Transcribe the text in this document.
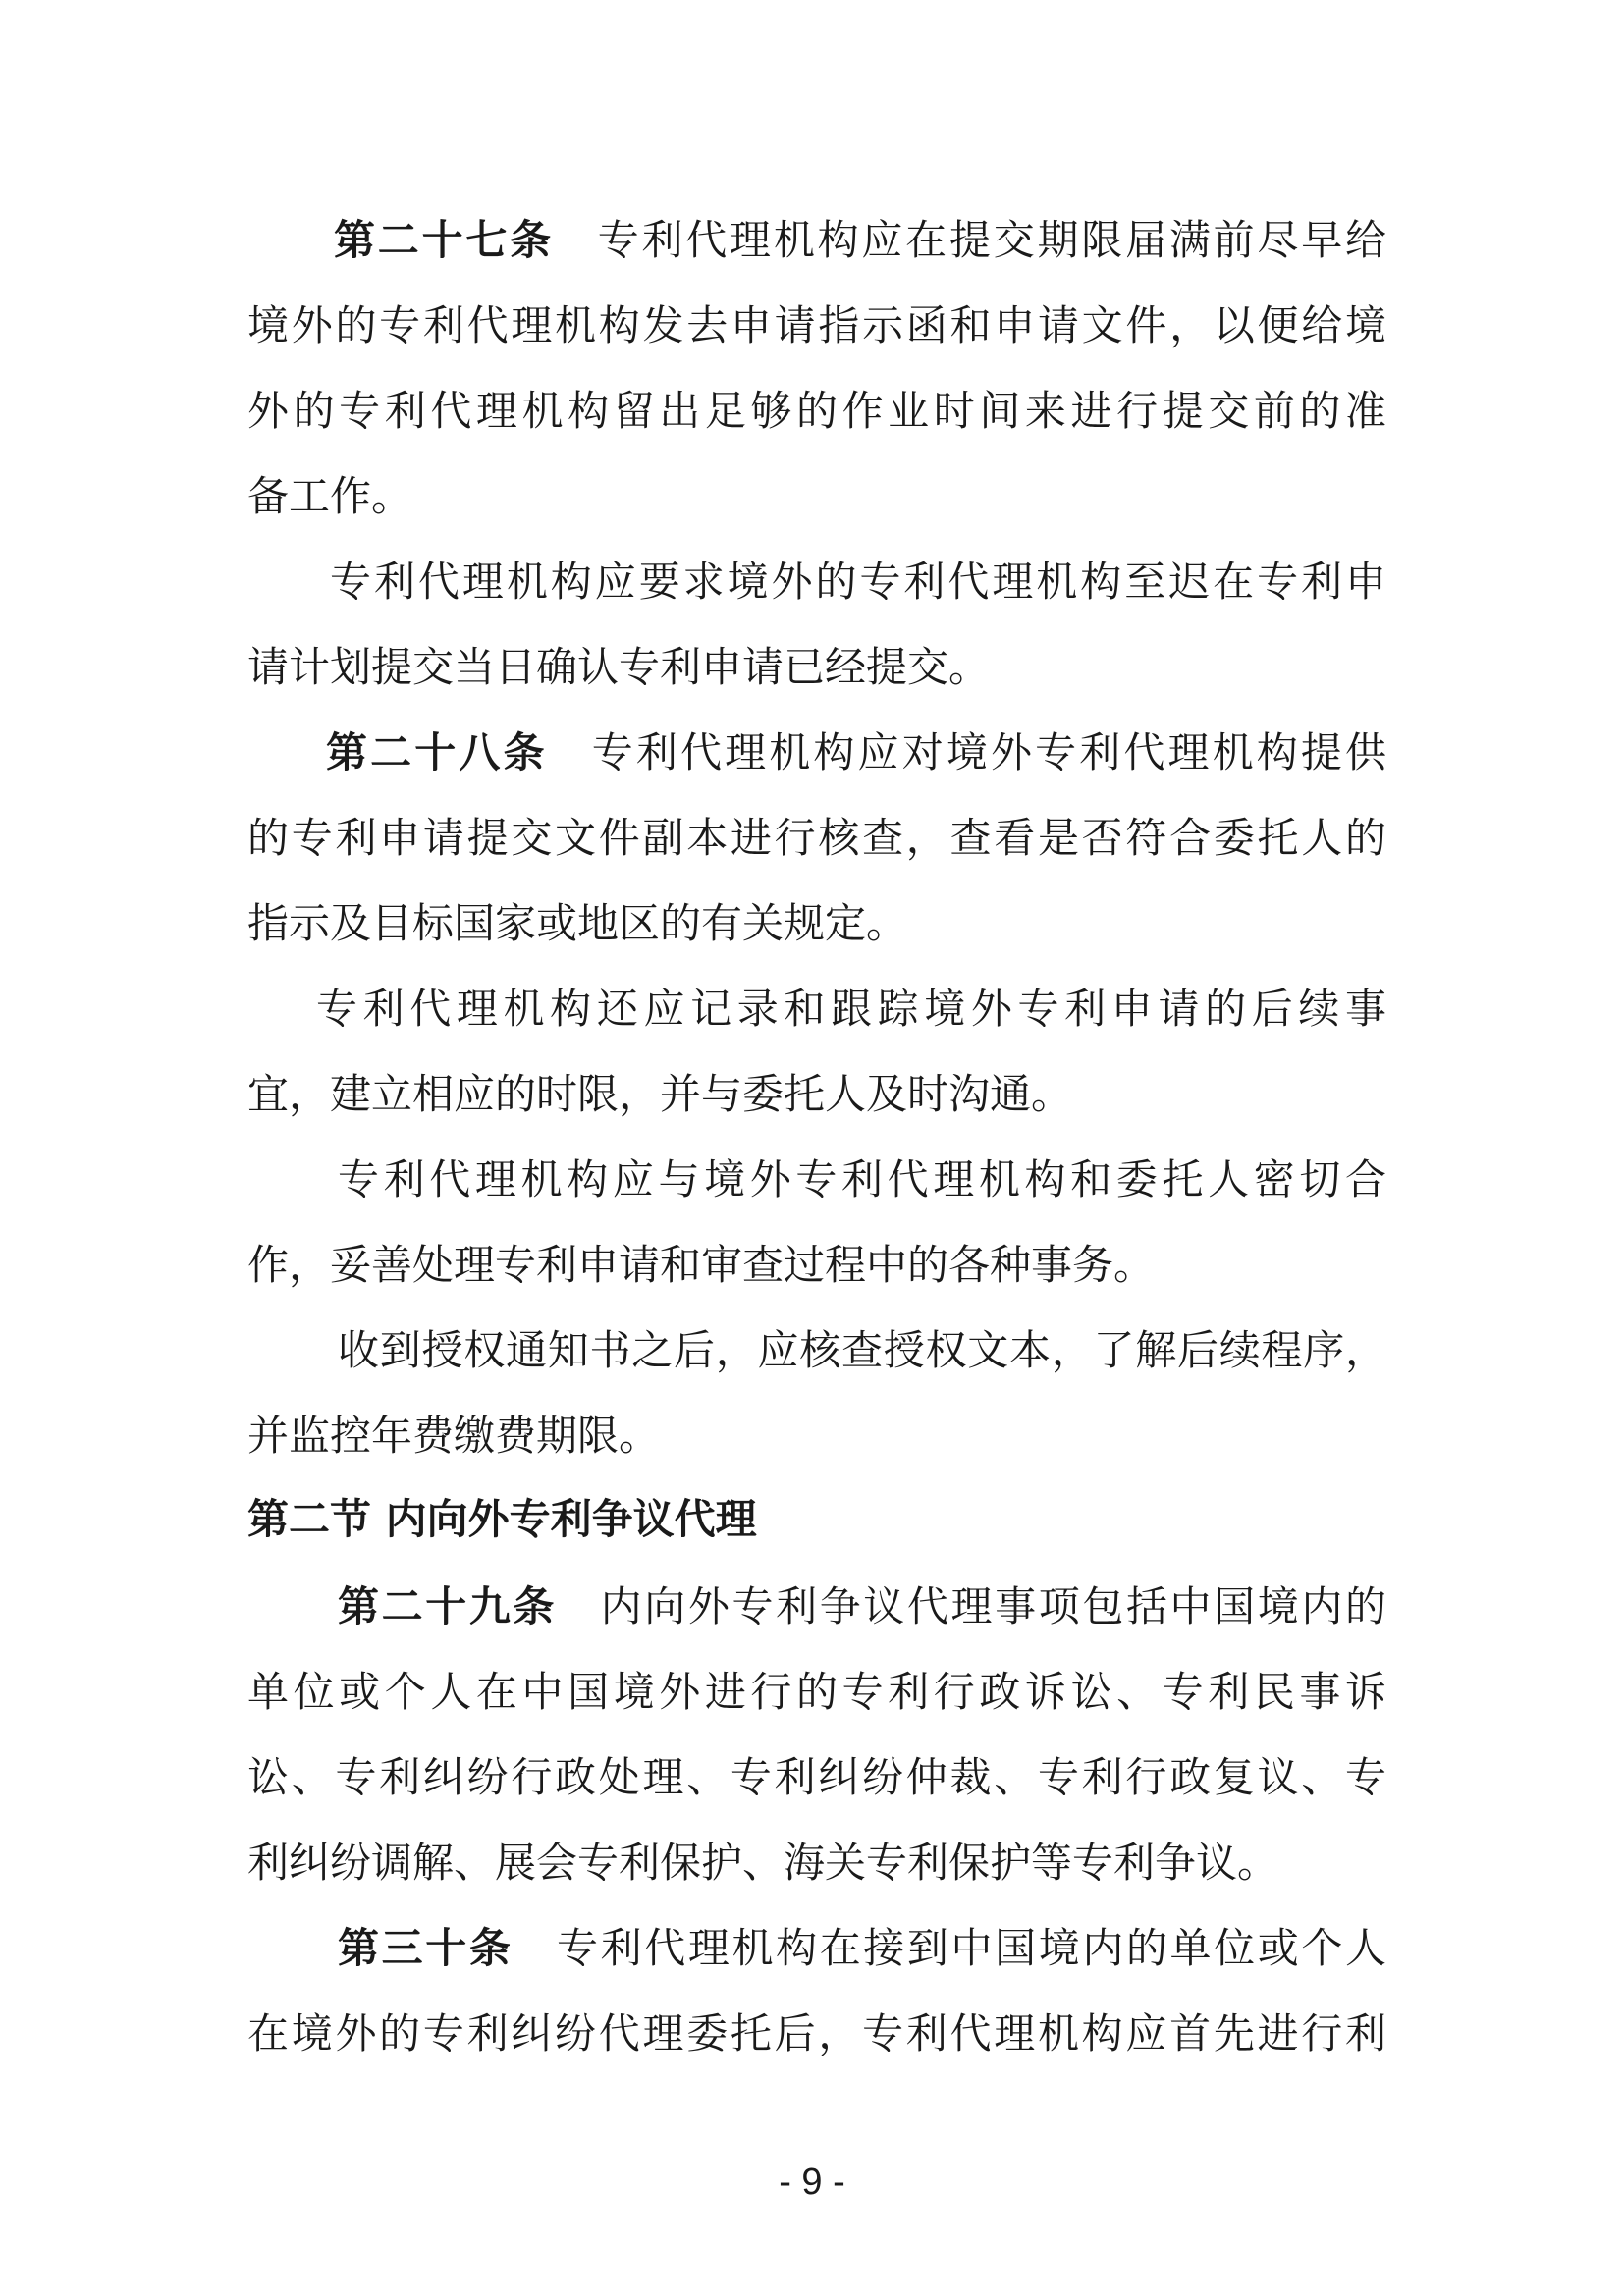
第二十七条  专利代理机构应在提交期限届满前尽早给
境外的专利代理机构发去申请指示函和申请文件，以便给境
外的专利代理机构留出足够的作业时间来进行提交前的准
备工作。
专利代理机构应要求境外的专利代理机构至迟在专利申
请计划提交当日确认专利申请已经提交。
第二十八条  专利代理机构应对境外专利代理机构提供
的专利申请提交文件副本进行核查，查看是否符合委托人的
指示及目标国家或地区的有关规定。
专利代理机构还应记录和跟踪境外专利申请的后续事
宜，建立相应的时限，并与委托人及时沟通。
专利代理机构应与境外专利代理机构和委托人密切合
作，妥善处理专利申请和审查过程中的各种事务。
收到授权通知书之后，应核查授权文本，了解后续程序，
并监控年费缴费期限。
第二节 内向外专利争议代理
第二十九条  内向外专利争议代理事项包括中国境内的
单位或个人在中国境外进行的专利行政诉讼、专利民事诉
讼、专利纠纷行政处理、专利纠纷仲裁、专利行政复议、专
利纠纷调解、展会专利保护、海关专利保护等专利争议。
第三十条  专利代理机构在接到中国境内的单位或个人
在境外的专利纠纷代理委托后，专利代理机构应首先进行利
- 9 -
